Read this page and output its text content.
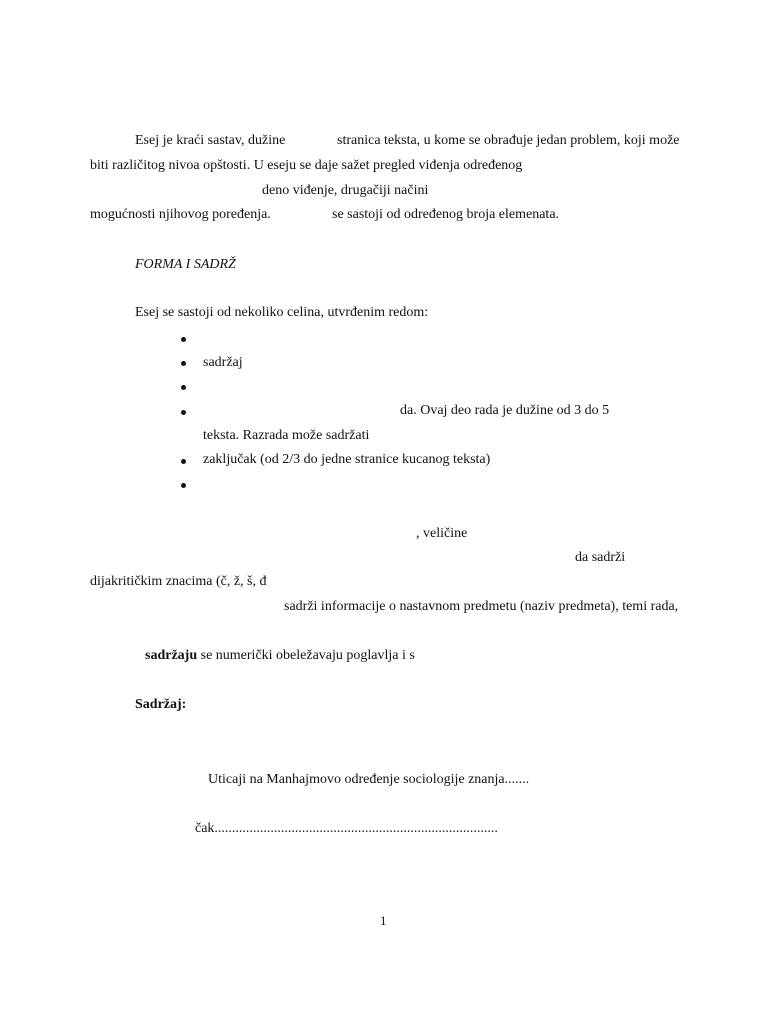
Esej je kraći sastav, dužine	stranica teksta, u kome se obrađuje jedan problem, koji može
biti različitog nivoa opštosti. U eseju se daje sažet pregled viđenja određenog
deno viđenje, drugačiji načini
mogućnosti njihovog poređenja.	se sastoji od određenog broja elemenata.
FORMA I SADRŽ
Esej se sastoji od nekoliko celina, utvrđenim redom:
sadržaj
da. Ovaj deo rada je dužine od 3 do 5
teksta. Razrada može sadržati
zaključak (od 2/3 do jedne stranice kucanog teksta)
, veličine
da sadrži
dijakritičkim znacima (č, ž, š, đ
sadrži informacije o nastavnom predmetu (naziv predmeta), temi rada,
sadržaju se numerički obeležavaju poglavlja i s
Sadržaj:
Uticaji na Manhajmovo određenje sociologije znanja.......
čak.................................................................................
1
